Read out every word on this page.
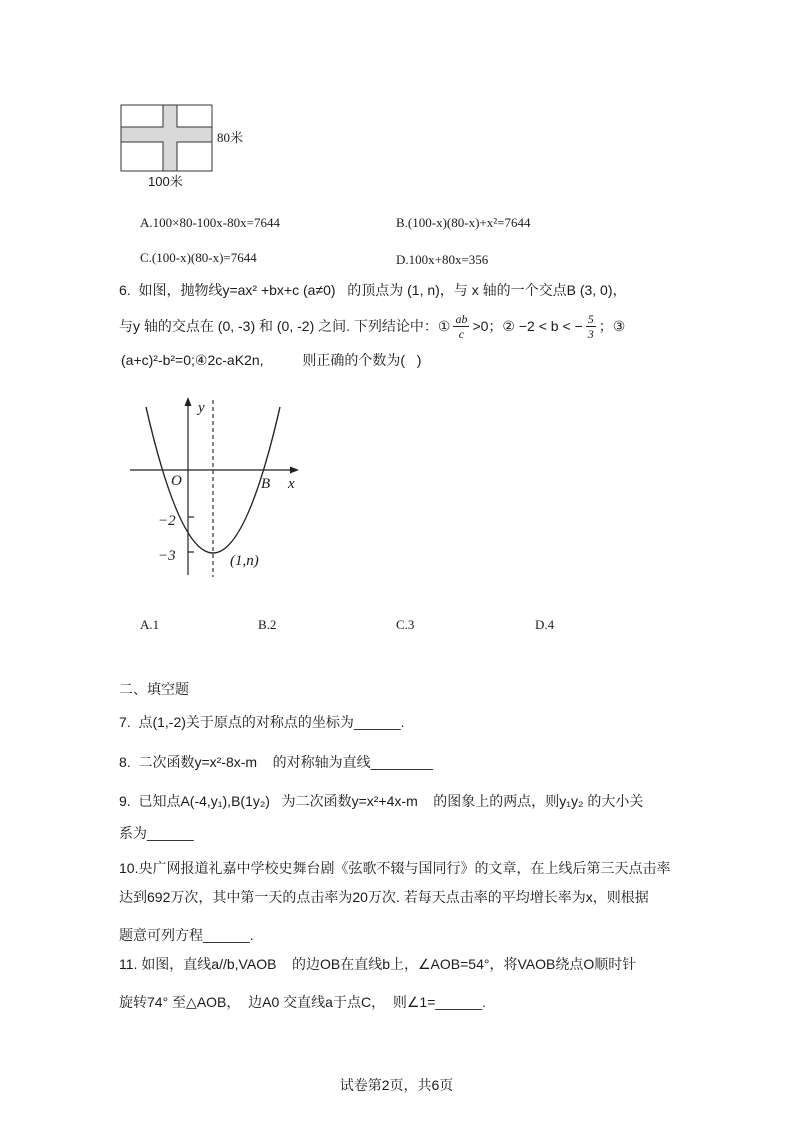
80米
100米
A.100×80-100x-80x=7644	B.(100-x)(80-x)+x²=7644
C.(100-x)(80-x)=7644	D.100x+80x=356
6.  如图，抛物线y=ax² +bx+c (a≠0)   的顶点为 (1, n)，与 x 轴的一个交点B (3, 0)，
与y 轴的交点在 (0, -3) 和 (0, -2) 之间. 下列结论中：① $\frac{ab}{c} >0$；② −2 < b < − $\frac{5}{3}$ ；③
(a+c)²-b²=0;④2c-aK2n,          则正确的个数为(   )
y
O	B x
−2
−3	(1,n)
A.1	B.2	C.3	D.4
二、填空题
7.  点(1,-2)关于原点的对称点的坐标为______.
8.  二次函数y=x²-8x-m    的对称轴为直线________
9.  已知点A(-4,y₁),B(1y₂)   为二次函数y=x²+4x-m    的图象上的两点，则y₁y₂ 的大小关
系为______
10.央广网报道礼嘉中学校史舞台剧《弦歌不辍与国同行》的文章，在上线后第三天点击率
达到692万次，其中第一天的点击率为20万次. 若每天点击率的平均增长率为x，则根据
题意可列方程______.
11. 如图，直线a//b,VAOB    的边OB在直线b上，∠AOB=54°，将VAOB绕点O顺时针
旋转74° 至△AOB，  边A0 交直线a于点C，  则∠1=______.
试卷第2页，共6页
